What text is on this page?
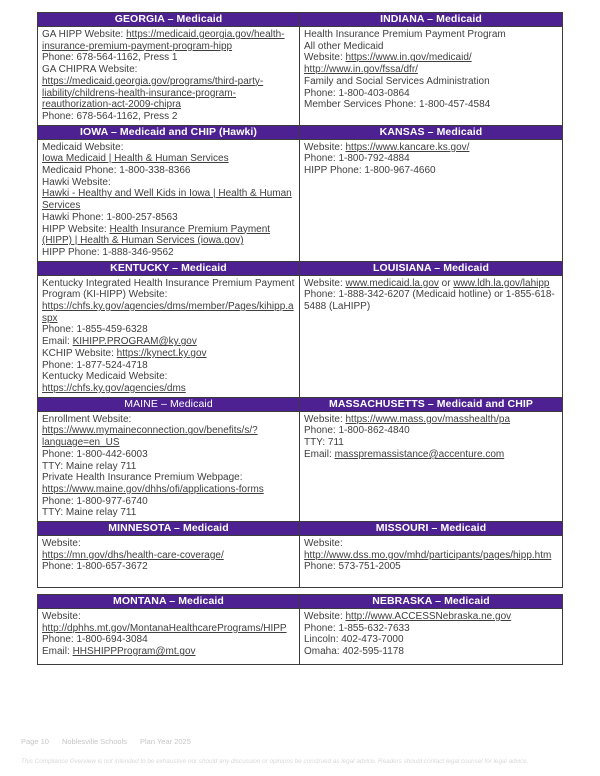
GEORGIA – Medicaid
GA HIPP Website: https://medicaid.georgia.gov/health-insurance-premium-payment-program-hipp
Phone: 678-564-1162, Press 1
GA CHIPRA Website:
https://medicaid.georgia.gov/programs/third-party-liability/childrens-health-insurance-program-reauthorization-act-2009-chipra
Phone: 678-564-1162, Press 2
INDIANA – Medicaid
Health Insurance Premium Payment Program
All other Medicaid
Website: https://www.in.gov/medicaid/
http://www.in.gov/fssa/dfr/
Family and Social Services Administration
Phone: 1-800-403-0864
Member Services Phone: 1-800-457-4584
IOWA – Medicaid and CHIP (Hawki)
Medicaid Website:
Iowa Medicaid | Health & Human Services
Medicaid Phone: 1-800-338-8366
Hawki Website:
Hawki - Healthy and Well Kids in Iowa | Health & Human Services
Hawki Phone: 1-800-257-8563
HIPP Website: Health Insurance Premium Payment (HIPP) | Health & Human Services (iowa.gov)
HIPP Phone: 1-888-346-9562
KANSAS – Medicaid
Website: https://www.kancare.ks.gov/
Phone: 1-800-792-4884
HIPP Phone: 1-800-967-4660
KENTUCKY – Medicaid
Kentucky Integrated Health Insurance Premium Payment Program (KI-HIPP) Website:
https://chfs.ky.gov/agencies/dms/member/Pages/kihipp.aspx
Phone: 1-855-459-6328
Email: KIHIPP.PROGRAM@ky.gov
KCHIP Website: https://kynect.ky.gov
Phone: 1-877-524-4718
Kentucky Medicaid Website:
https://chfs.ky.gov/agencies/dms
LOUISIANA – Medicaid
Website: www.medicaid.la.gov or www.ldh.la.gov/lahipp
Phone: 1-888-342-6207 (Medicaid hotline) or 1-855-618-5488 (LaHIPP)
MAINE – Medicaid
Enrollment Website:
https://www.mymaineconnection.gov/benefits/s/?language=en_US
Phone: 1-800-442-6003
TTY: Maine relay 711
Private Health Insurance Premium Webpage:
https://www.maine.gov/dhhs/ofi/applications-forms
Phone: 1-800-977-6740
TTY: Maine relay 711
MASSACHUSETTS – Medicaid and CHIP
Website: https://www.mass.gov/masshealth/pa
Phone: 1-800-862-4840
TTY: 711
Email: masspremassistance@accenture.com
MINNESOTA – Medicaid
Website:
https://mn.gov/dhs/health-care-coverage/
Phone: 1-800-657-3672
MISSOURI – Medicaid
Website:
http://www.dss.mo.gov/mhd/participants/pages/hipp.htm
Phone: 573-751-2005
MONTANA – Medicaid
Website:
http://dphhs.mt.gov/MontanaHealthcarePrograms/HIPP
Phone: 1-800-694-3084
Email: HHSHIPPProgram@mt.gov
NEBRASKA – Medicaid
Website: http://www.ACCESSNebraska.ne.gov
Phone: 1-855-632-7633
Lincoln: 402-473-7000
Omaha: 402-595-1178
Page 10 Noblesville Schools Plan Year 2025
This Compliance Overview is not intended to be exhaustive nor should any discussion or opinions be construed as legal advice. Readers should contact legal counsel for legal advice.
